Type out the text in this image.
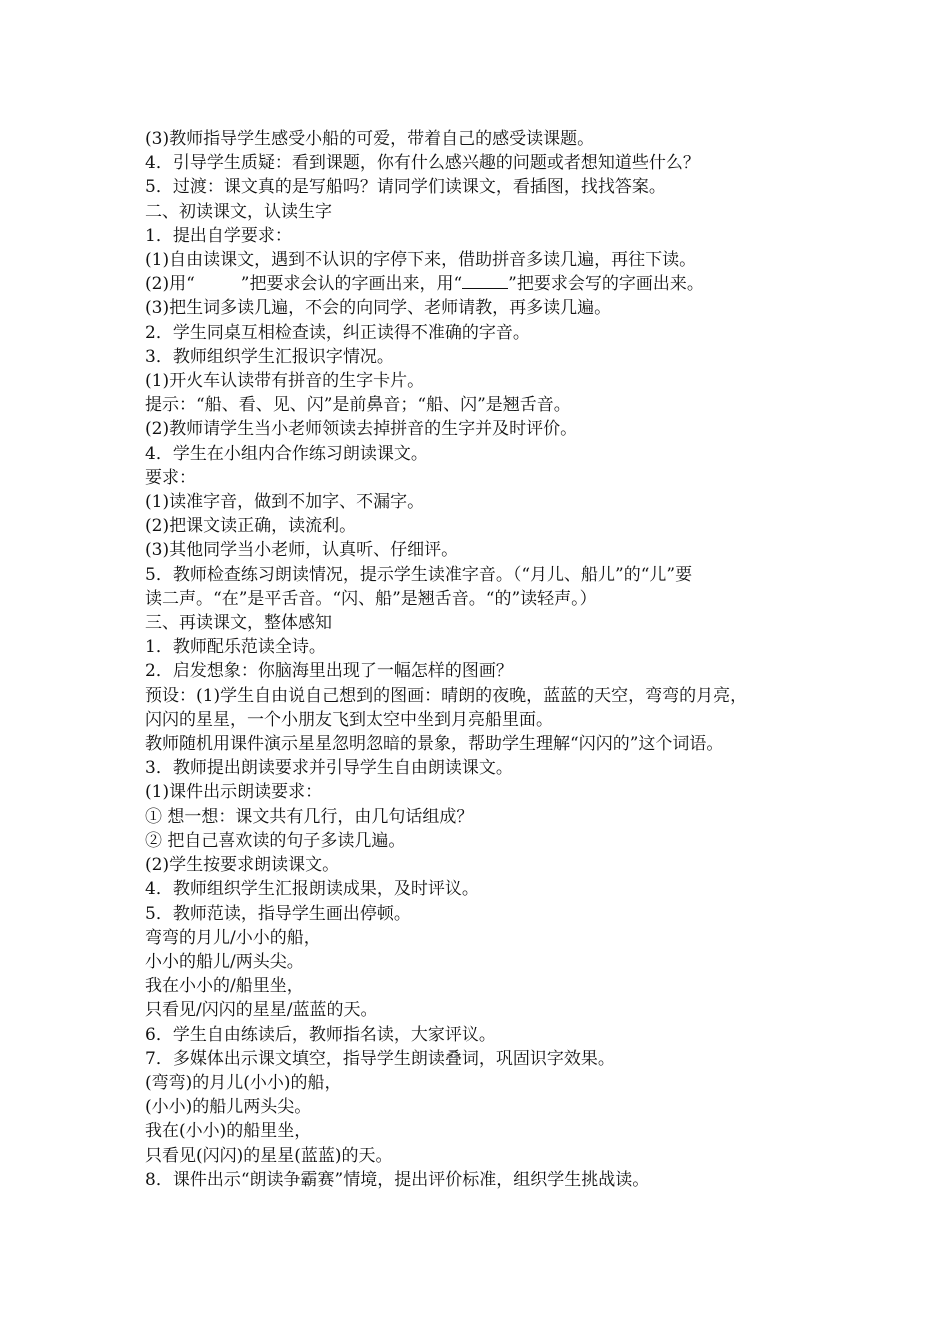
(3)教师指导学生感受小船的可爱，带着自己的感受读课题。

4．引导学生质疑：看到课题，你有什么感兴趣的问题或者想知道些什么？

5．过渡：课文真的是写船吗？请同学们读课文，看插图，找找答案。

二、初读课文，认读生字

1．提出自学要求：

(1)自由读课文，遇到不认识的字停下来，借助拼音多读几遍，再往下读。

(2)用“	”把要求会认的字画出来，用“	”把要求会写的字画出来。

(3)把生词多读几遍，不会的向同学、老师请教，再多读几遍。

2．学生同桌互相检查读，纠正读得不准确的字音。

3．教师组织学生汇报识字情况。

(1)开火车认读带有拼音的生字卡片。

提示：“船、看、见、闪”是前鼻音；“船、闪”是翘舌音。

(2)教师请学生当小老师领读去掉拼音的生字并及时评价。

4．学生在小组内合作练习朗读课文。

要求：

(1)读准字音，做到不加字、不漏字。

(2)把课文读正确，读流利。

(3)其他同学当小老师，认真听、仔细评。

5．教师检查练习朗读情况，提示学生读准字音。（“月儿、船儿”的“儿”要

读二声。“在”是平舌音。“闪、船”是翘舌音。“的”读轻声。）

三、再读课文，整体感知

1．教师配乐范读全诗。

2．启发想象：你脑海里出现了一幅怎样的图画？

预设：(1)学生自由说自己想到的图画：晴朗的夜晚，蓝蓝的天空，弯弯的月亮，

闪闪的星星，一个小朋友飞到太空中坐到月亮船里面。

教师随机用课件演示星星忽明忽暗的景象，帮助学生理解“闪闪的”这个词语。

3．教师提出朗读要求并引导学生自由朗读课文。

(1)课件出示朗读要求：

① 想一想：课文共有几行，由几句话组成？

② 把自己喜欢读的句子多读几遍。

(2)学生按要求朗读课文。

4．教师组织学生汇报朗读成果，及时评议。

5．教师范读，指导学生画出停顿。

弯弯的月儿/小小的船，

小小的船儿/两头尖。

我在小小的/船里坐，

只看见/闪闪的星星/蓝蓝的天。

6．学生自由练读后，教师指名读，大家评议。

7．多媒体出示课文填空，指导学生朗读叠词，巩固识字效果。

(弯弯)的月儿(小小)的船，

(小小)的船儿两头尖。

我在(小小)的船里坐，

只看见(闪闪)的星星(蓝蓝)的天。

8．课件出示“朗读争霸赛”情境，提出评价标准，组织学生挑战读。
